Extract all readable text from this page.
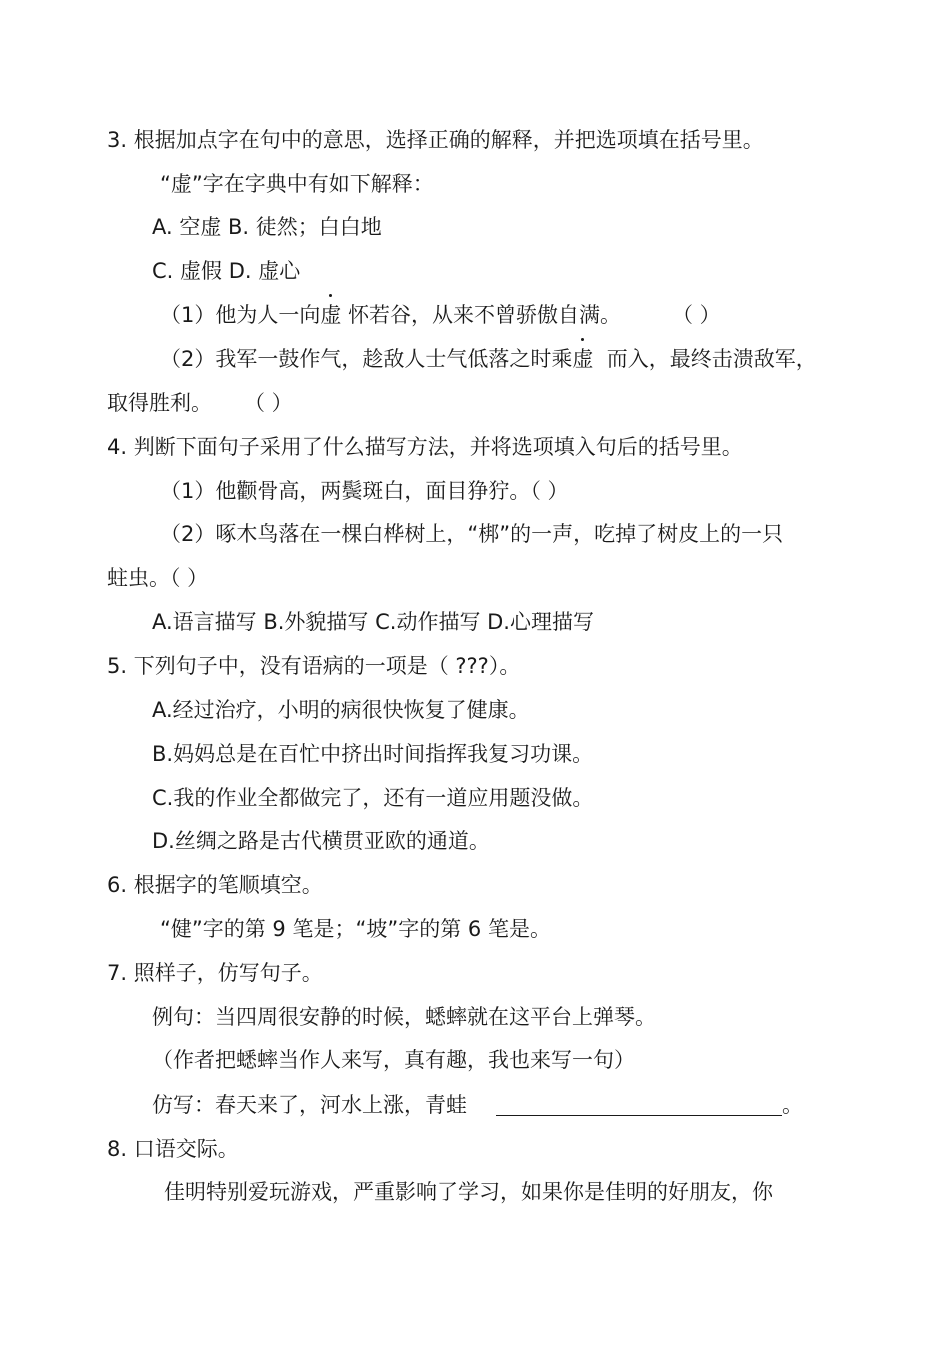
3. 根据加点字在句中的意思，选择正确的解释，并把选项填在括号里。
“虚”字在字典中有如下解释：
A. 空虚 B. 徒然；白白地
C. 虚假 D. 虚心
（1）他为人一向虚 怀若谷，从来不曾骄傲自满。 （ ）
（2）我军一鼓作气，趁敌人士气低落之时乘虚 而入，最终击溃敌军，
取得胜利。 （ ）
4. 判断下面句子采用了什么描写方法，并将选项填入句后的括号里。
（1）他颧骨高，两鬓斑白，面目狰狞。（ ）
（2）啄木鸟落在一棵白桦树上，“梆”的一声，吃掉了树皮上的一只
蛀虫。（ ）
A.语言描写 B.外貌描写 C.动作描写 D.心理描写
5. 下列句子中，没有语病的一项是（ ???）。
A.经过治疗，小明的病很快恢复了健康。
B.妈妈总是在百忙中挤出时间指挥我复习功课。
C.我的作业全都做完了，还有一道应用题没做。
D.丝绸之路是古代横贯亚欧的通道。
6. 根据字的笔顺填空。
“健”字的第 9 笔是；“坡”字的第 6 笔是。
7. 照样子，仿写句子。
例句：当四周很安静的时候，蟋蟀就在这平台上弹琴。
（作者把蟋蟀当作人来写，真有趣，我也来写一句）
仿写：春天来了，河水上涨，青蛙	。
8. 口语交际。
佳明特别爱玩游戏，严重影响了学习，如果你是佳明的好朋友，你
